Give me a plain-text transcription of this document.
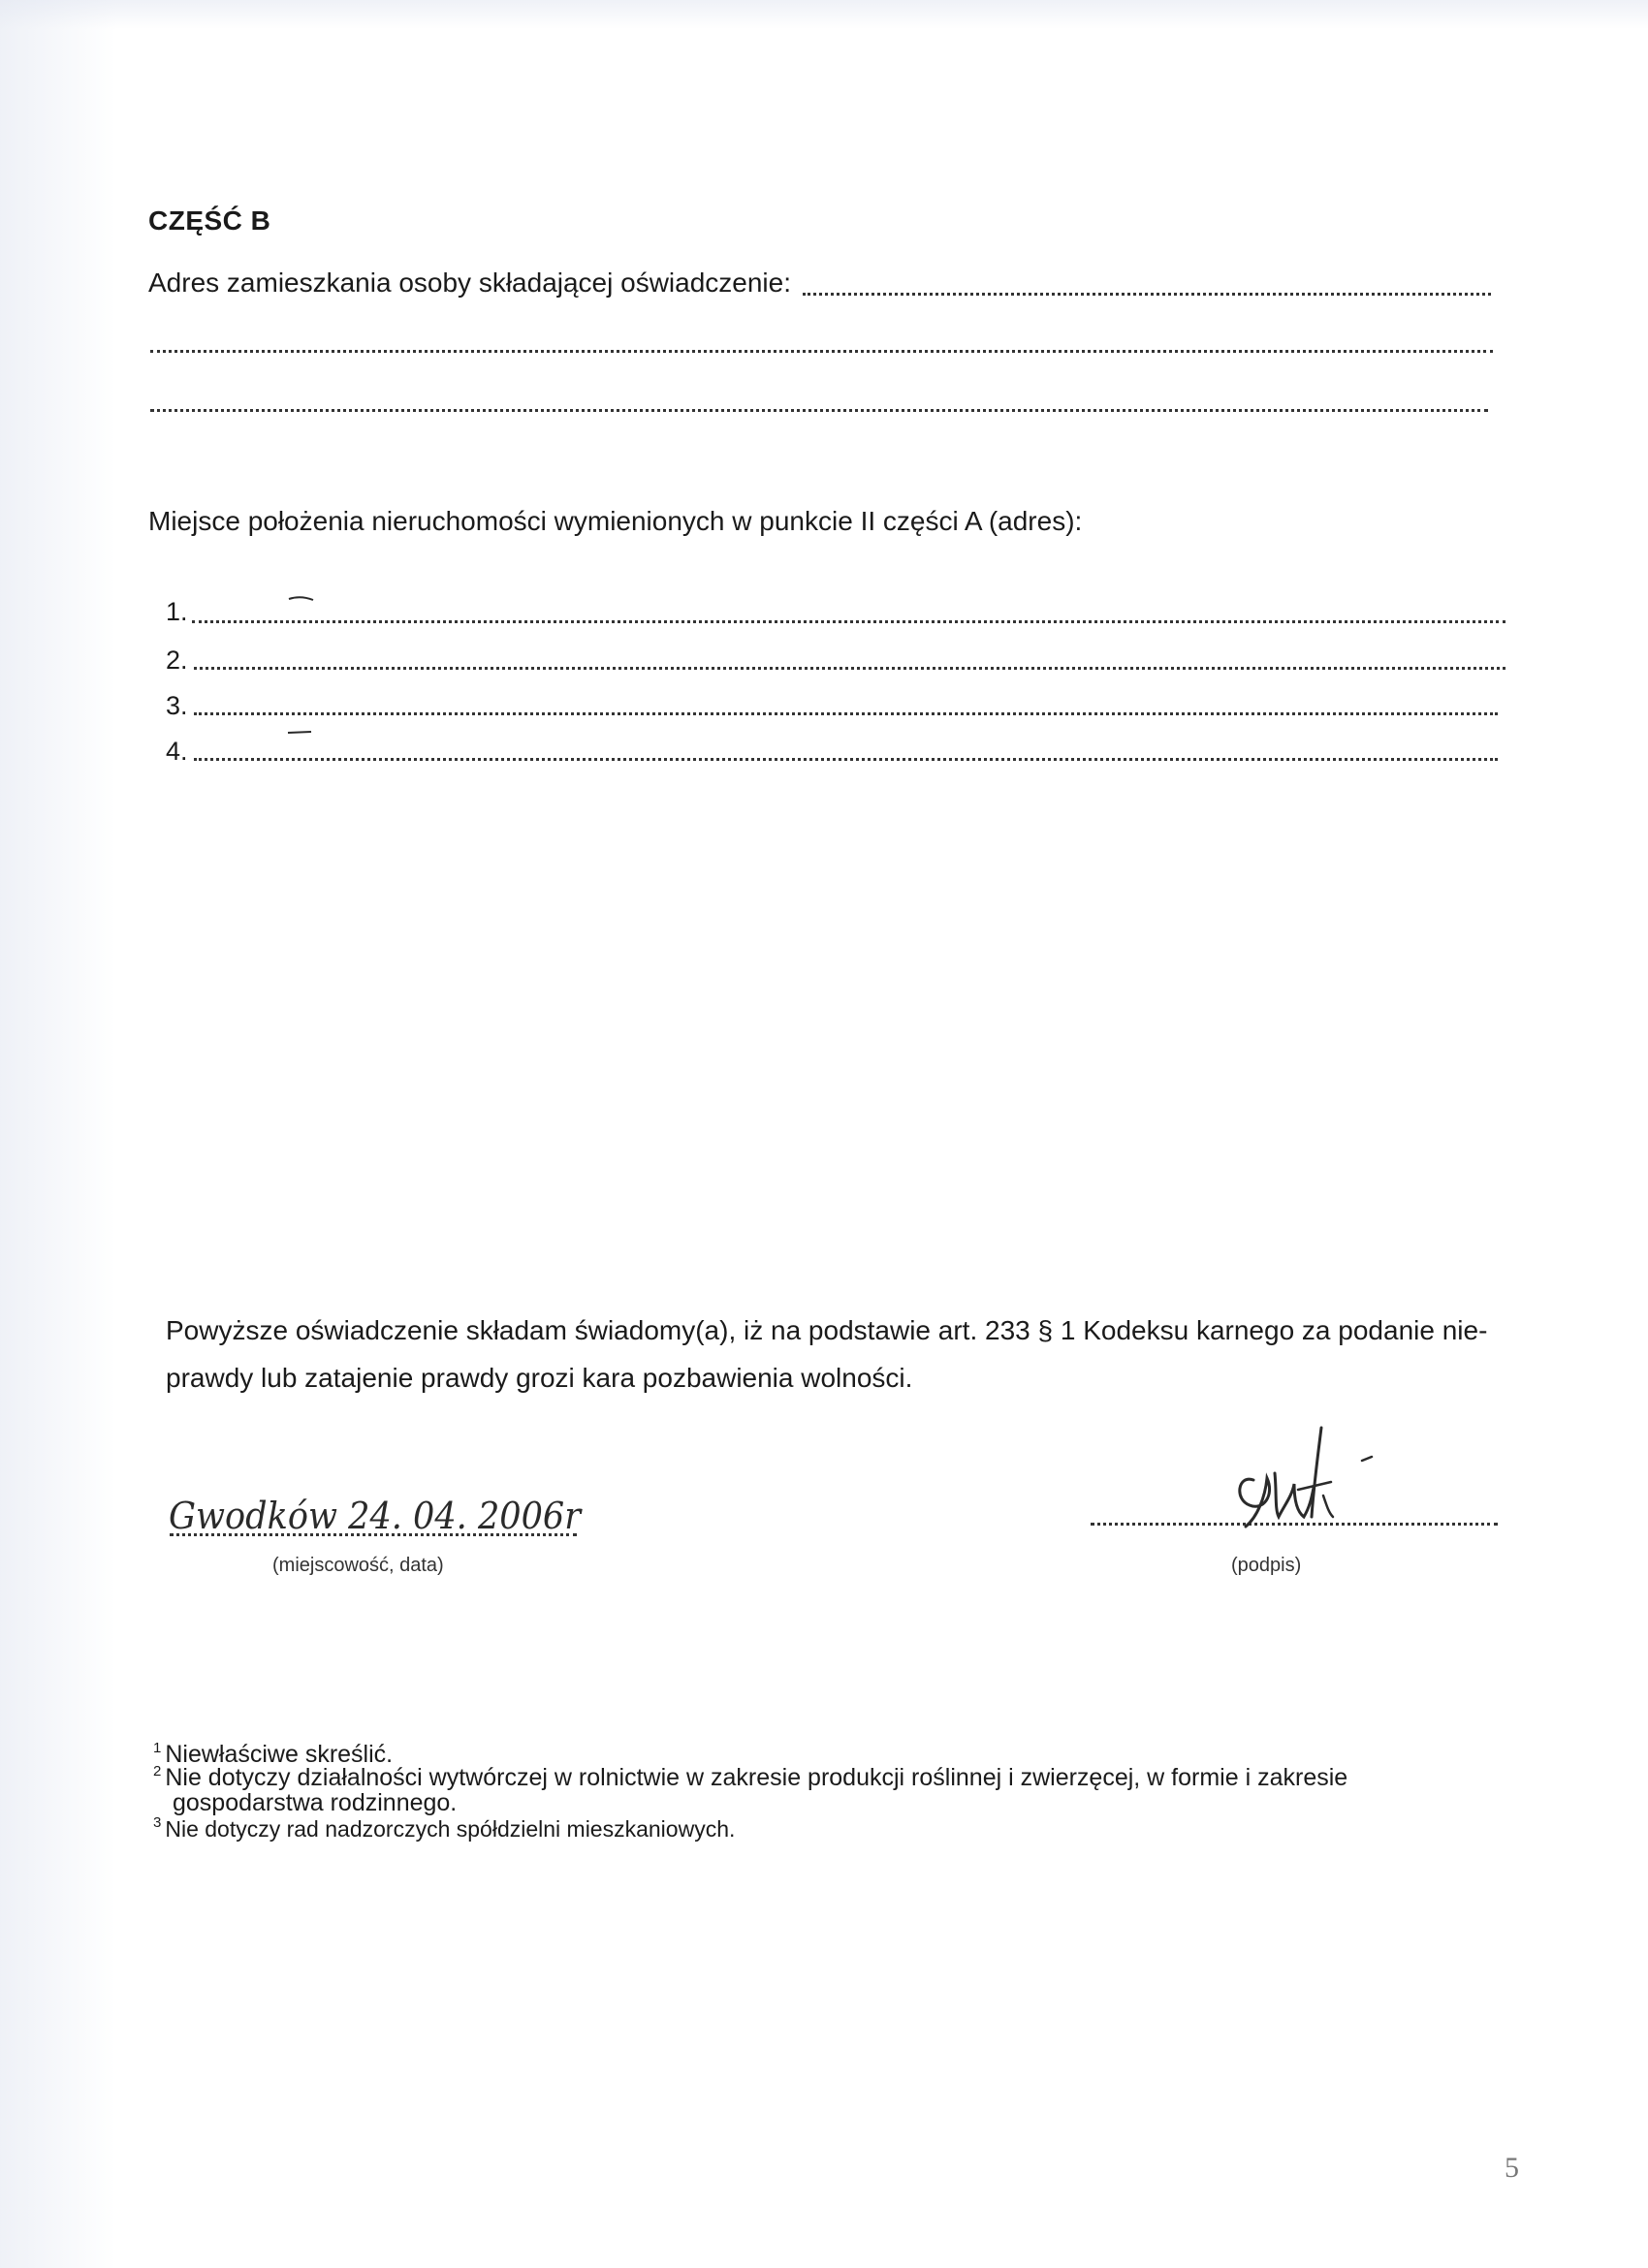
CZĘŚĆ B
Adres zamieszkania osoby składającej oświadczenie:
Miejsce położenia nieruchomości wymienionych w punkcie II części A (adres):
1.
2.
3.
4.
Powyższe oświadczenie składam świadomy(a), iż na podstawie art. 233 § 1 Kodeksu karnego za podanie nie-
prawdy lub zatajenie prawdy grozi kara pozbawienia wolności.
Gwodków 24. 04. 2006r
(miejscowość, data)	(podpis)
$^1$ Niewłaściwe skreślić.
$^2$ Nie dotyczy działalności wytwórczej w rolnictwie w zakresie produkcji roślinnej i zwierzęcej, w formie i zakresie
gospodarstwa rodzinnego.
$^3$ Nie dotyczy rad nadzorczych spółdzielni mieszkaniowych.
5
